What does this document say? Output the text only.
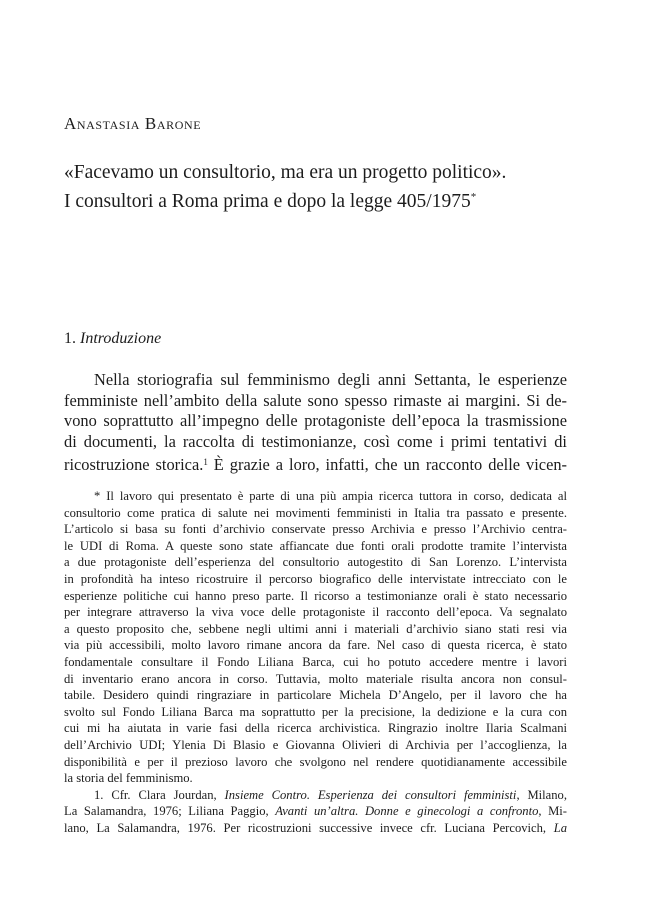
Anastasia Barone
«Facevamo un consultorio, ma era un progetto politico».
I consultori a Roma prima e dopo la legge 405/1975*
1. Introduzione
Nella storiografia sul femminismo degli anni Settanta, le esperienze
femministe nell’ambito della salute sono spesso rimaste ai margini. Si de-
vono soprattutto all’impegno delle protagoniste dell’epoca la trasmissione
di documenti, la raccolta di testimonianze, così come i primi tentativi di
ricostruzione storica.$^1$ È grazie a loro, infatti, che un racconto delle vicen-
* Il lavoro qui presentato è parte di una più ampia ricerca tuttora in corso, dedicata al
consultorio come pratica di salute nei movimenti femministi in Italia tra passato e presente.
L’articolo si basa su fonti d’archivio conservate presso Archivia e presso l’Archivio centra-
le UDI di Roma. A queste sono state affiancate due fonti orali prodotte tramite l’intervista
a due protagoniste dell’esperienza del consultorio autogestito di San Lorenzo. L’intervista
in profondità ha inteso ricostruire il percorso biografico delle intervistate intrecciato con le
esperienze politiche cui hanno preso parte. Il ricorso a testimonianze orali è stato necessario
per integrare attraverso la viva voce delle protagoniste il racconto dell’epoca. Va segnalato
a questo proposito che, sebbene negli ultimi anni i materiali d’archivio siano stati resi via
via più accessibili, molto lavoro rimane ancora da fare. Nel caso di questa ricerca, è stato
fondamentale consultare il Fondo Liliana Barca, cui ho potuto accedere mentre i lavori
di inventario erano ancora in corso. Tuttavia, molto materiale risulta ancora non consul-
tabile. Desidero quindi ringraziare in particolare Michela D’Angelo, per il lavoro che ha
svolto sul Fondo Liliana Barca ma soprattutto per la precisione, la dedizione e la cura con
cui mi ha aiutata in varie fasi della ricerca archivistica. Ringrazio inoltre Ilaria Scalmani
dell’Archivio UDI; Ylenia Di Blasio e Giovanna Olivieri di Archivia per l’accoglienza, la
disponibilità e per il prezioso lavoro che svolgono nel rendere quotidianamente accessibile
la storia del femminismo.
1. Cfr. Clara Jourdan, Insieme Contro. Esperienza dei consultori femministi, Milano,
La Salamandra, 1976; Liliana Paggio, Avanti un’altra. Donne e ginecologi a confronto, Mi-
lano, La Salamandra, 1976. Per ricostruzioni successive invece cfr. Luciana Percovich, La
